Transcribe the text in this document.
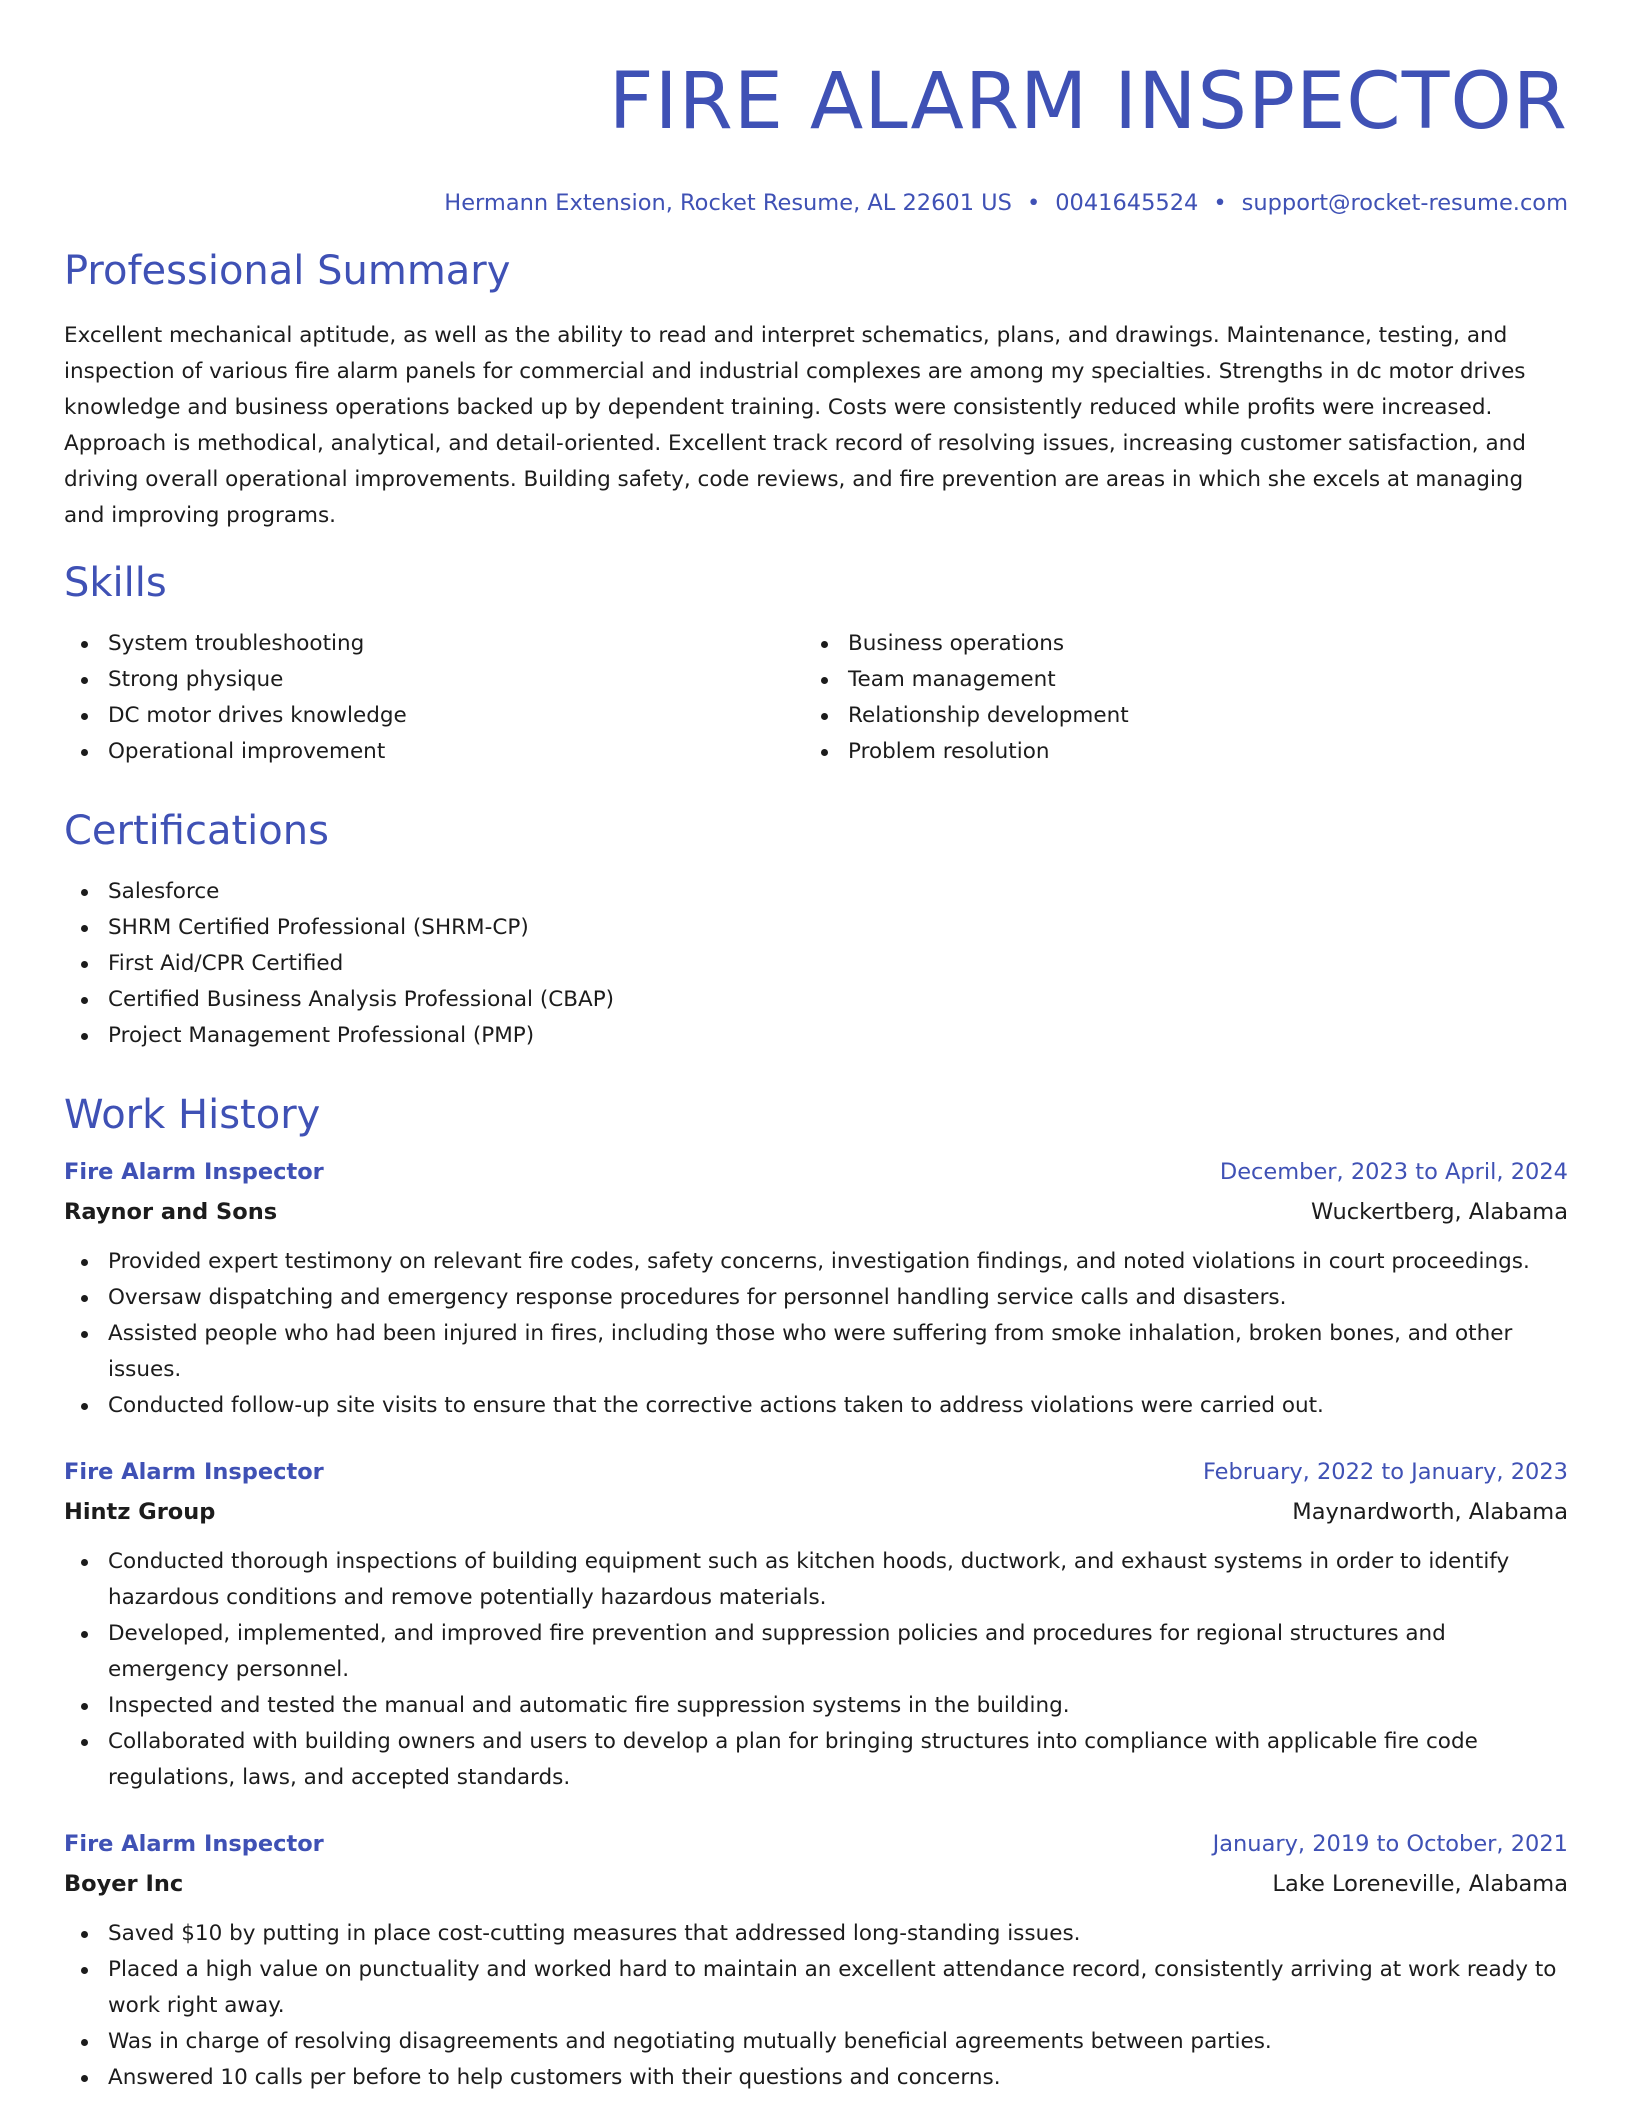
FIRE ALARM INSPECTOR
Hermann Extension, Rocket Resume, AL 22601 US • 0041645524 • support@rocket-resume.com
Professional Summary

Excellent mechanical aptitude, as well as the ability to read and interpret schematics, plans, and drawings. Maintenance, testing, and inspection of various fire alarm panels for commercial and industrial complexes are among my specialties. Strengths in dc motor drives knowledge and business operations backed up by dependent training. Costs were consistently reduced while profits were increased. Approach is methodical, analytical, and detail-oriented. Excellent track record of resolving issues, increasing customer satisfaction, and driving overall operational improvements. Building safety, code reviews, and fire prevention are areas in which she excels at managing and improving programs.

Skills
System troubleshooting
Strong physique
DC motor drives knowledge
Operational improvement
Business operations
Team management
Relationship development
Problem resolution
Certifications
Salesforce
SHRM Certified Professional (SHRM-CP)
First Aid/CPR Certified
Certified Business Analysis Professional (CBAP)
Project Management Professional (PMP)
Work History
Fire Alarm Inspector	December, 2023 to April, 2024
Raynor and Sons	Wuckertberg, Alabama
Provided expert testimony on relevant fire codes, safety concerns, investigation findings, and noted violations in court proceedings.
Oversaw dispatching and emergency response procedures for personnel handling service calls and disasters.
Assisted people who had been injured in fires, including those who were suffering from smoke inhalation, broken bones, and other issues.
Conducted follow-up site visits to ensure that the corrective actions taken to address violations were carried out.
Fire Alarm Inspector	February, 2022 to January, 2023
Hintz Group	Maynardworth, Alabama
Conducted thorough inspections of building equipment such as kitchen hoods, ductwork, and exhaust systems in order to identify hazardous conditions and remove potentially hazardous materials.
Developed, implemented, and improved fire prevention and suppression policies and procedures for regional structures and emergency personnel.
Inspected and tested the manual and automatic fire suppression systems in the building.
Collaborated with building owners and users to develop a plan for bringing structures into compliance with applicable fire code regulations, laws, and accepted standards.
Fire Alarm Inspector	January, 2019 to October, 2021
Boyer Inc	Lake Loreneville, Alabama
Saved $10 by putting in place cost-cutting measures that addressed long-standing issues.
Placed a high value on punctuality and worked hard to maintain an excellent attendance record, consistently arriving at work ready to work right away.
Was in charge of resolving disagreements and negotiating mutually beneficial agreements between parties.
Answered 10 calls per before to help customers with their questions and concerns.
